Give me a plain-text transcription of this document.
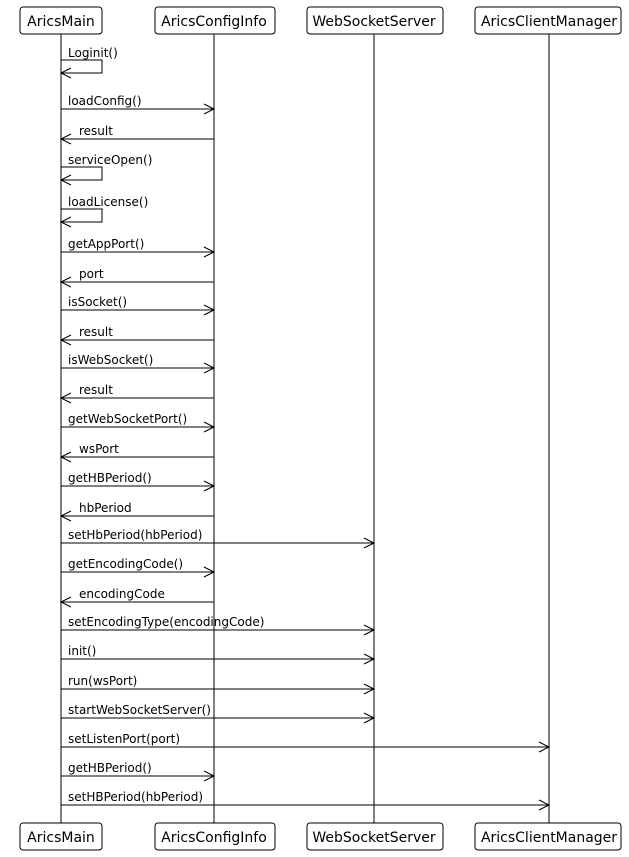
Loginit()
loadConfig()
result
serviceOpen()
loadLicense()
getAppPort()
port
isSocket()
result
isWebSocket()
result
getWebSocketPort()
wsPort
getHBPeriod()
hbPeriod
setHbPeriod(hbPeriod)
getEncodingCode()
encodingCode
setEncodingType(encodingCode)
init()
run(wsPort)
startWebSocketServer()
setListenPort(port)
getHBPeriod()
setHBPeriod(hbPeriod)
AricsMain
AricsMain
AricsConfigInfo
AricsConfigInfo
WebSocketServer
WebSocketServer
AricsClientManager
AricsClientManager
